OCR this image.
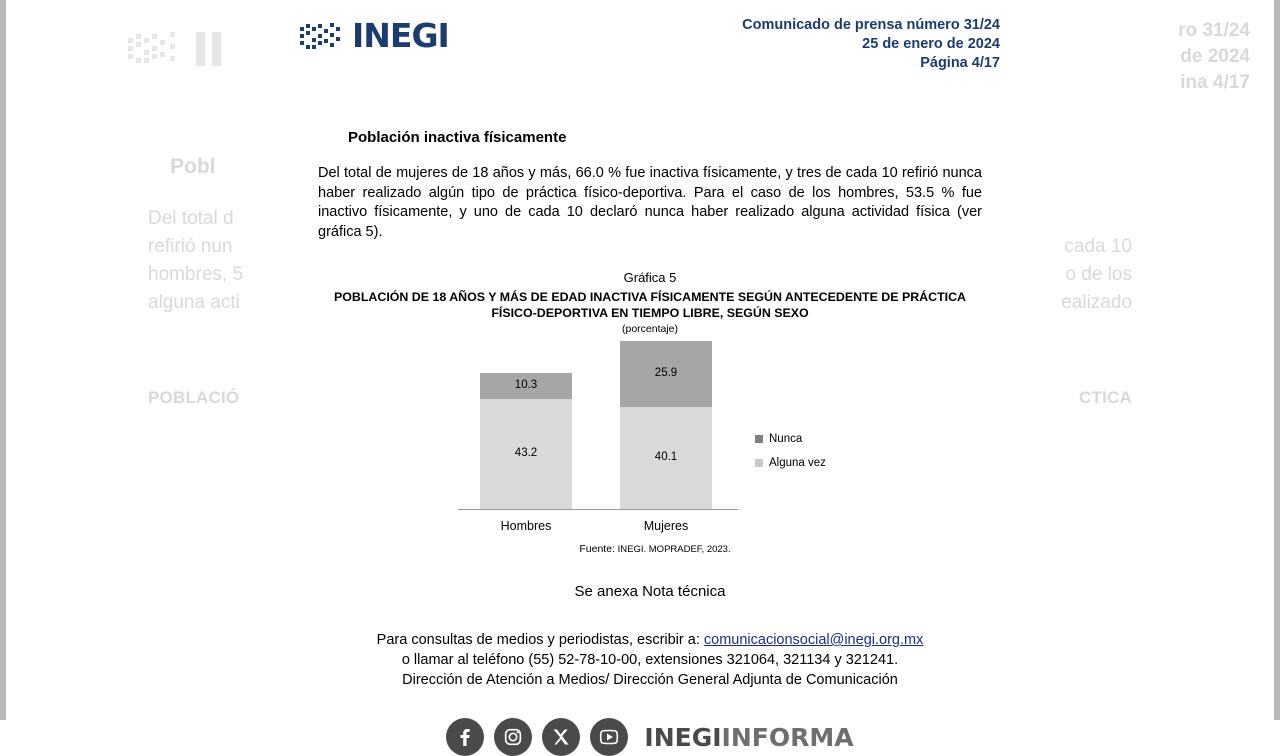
ro 31/24
de 2024
ina 4/17
Pobl
Del total d
refirió nun
hombres, 5
alguna acti

cada 10
o de los
ealizado
POBLACIÓ	CTICA
INEGI	Comunicado de prensa número 31/24
25 de enero de 2024
Página 4/17
Población inactiva físicamente

Del total de mujeres de 18 años y más, 66.0 % fue inactiva físicamente, y tres de cada 10 refirió nunca haber realizado algún tipo de práctica físico-deportiva. Para el caso de los hombres, 53.5 % fue inactivo físicamente, y uno de cada 10 declaró nunca haber realizado alguna actividad física (ver gráfica 5).

Gráfica 5
POBLACIÓN DE 18 AÑOS Y MÁS DE EDAD INACTIVA FÍSICAMENTE SEGÚN ANTECEDENTE DE PRÁCTICA FÍSICO-DEPORTIVA EN TIEMPO LIBRE, SEGÚN SEXO
(porcentaje)
10.3
43.2
25.9
40.1
Hombres	Mujeres
Nunca
Alguna vez
Fuente: INEGI. MOPRADEF, 2023.
Se anexa Nota técnica
Para consultas de medios y periodistas, escribir a: comunicacionsocial@inegi.org.mx
o llamar al teléfono (55) 52-78-10-00, extensiones 321064, 321134 y 321241.
Dirección de Atención a Medios/ Dirección General Adjunta de Comunicación
INEGIINFORMA
